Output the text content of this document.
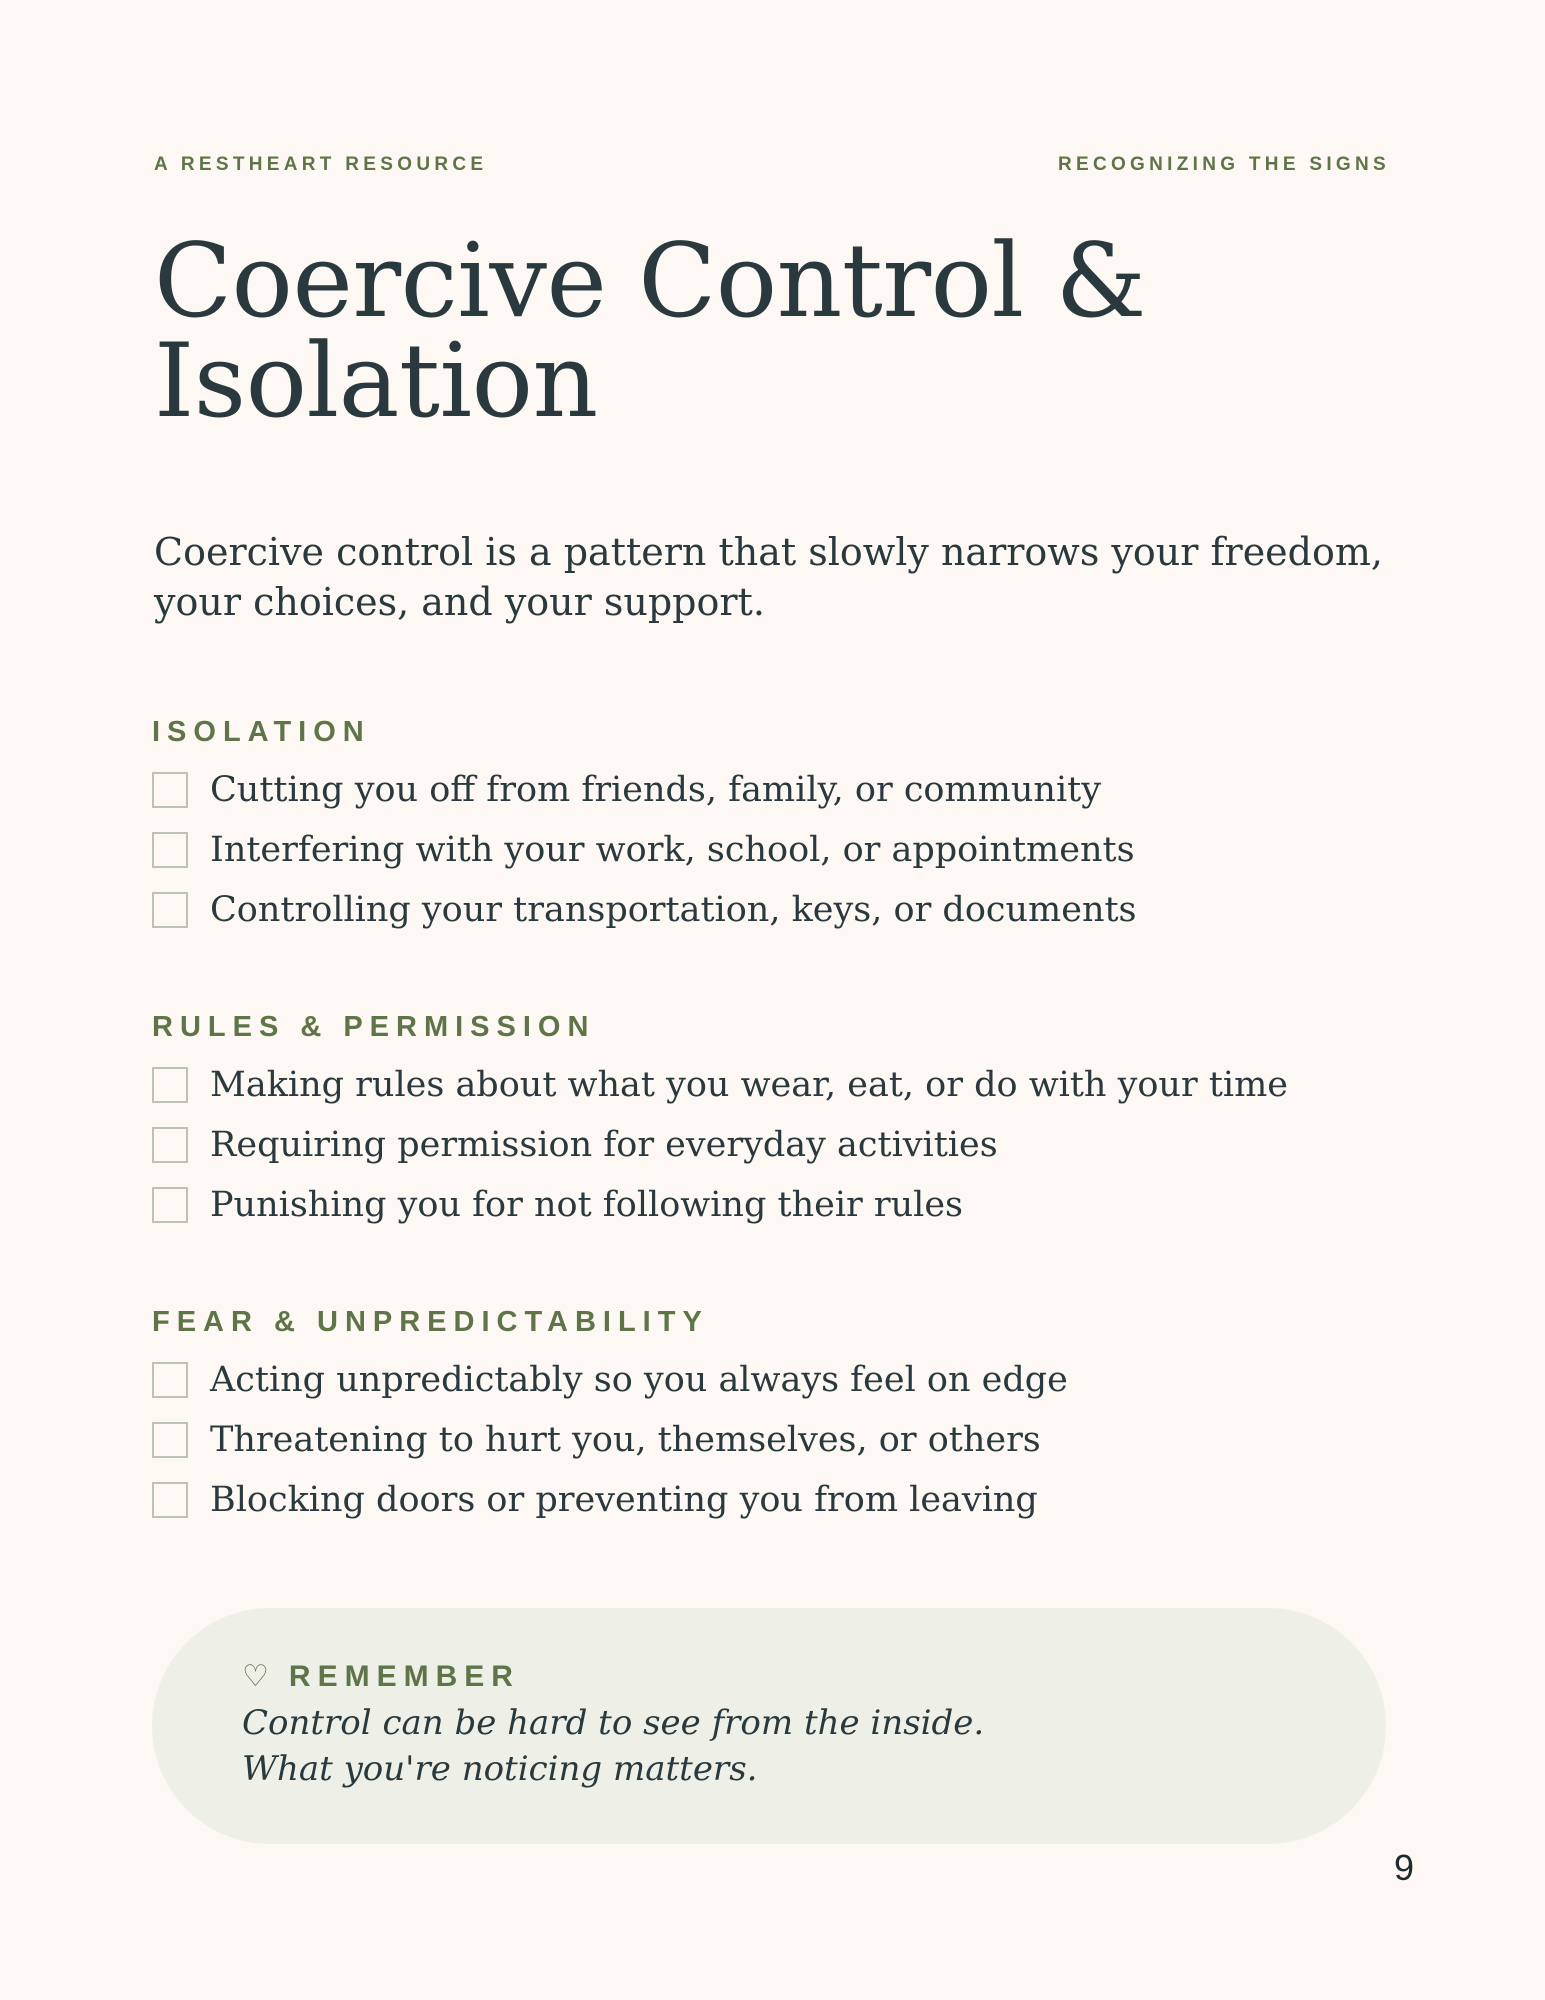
A RESTHEART RESOURCE	RECOGNIZING THE SIGNS
Coercive Control &
Isolation

Coercive control is a pattern that slowly narrows your freedom,
your choices, and your support.

ISOLATION
Cutting you off from friends, family, or community
Interfering with your work, school, or appointments
Controlling your transportation, keys, or documents
RULES & PERMISSION
Making rules about what you wear, eat, or do with your time
Requiring permission for everyday activities
Punishing you for not following their rules
FEAR & UNPREDICTABILITY
Acting unpredictably so you always feel on edge
Threatening to hurt you, themselves, or others
Blocking doors or preventing you from leaving
♡ REMEMBER
Control can be hard to see from the inside.
What you're noticing matters.
9
